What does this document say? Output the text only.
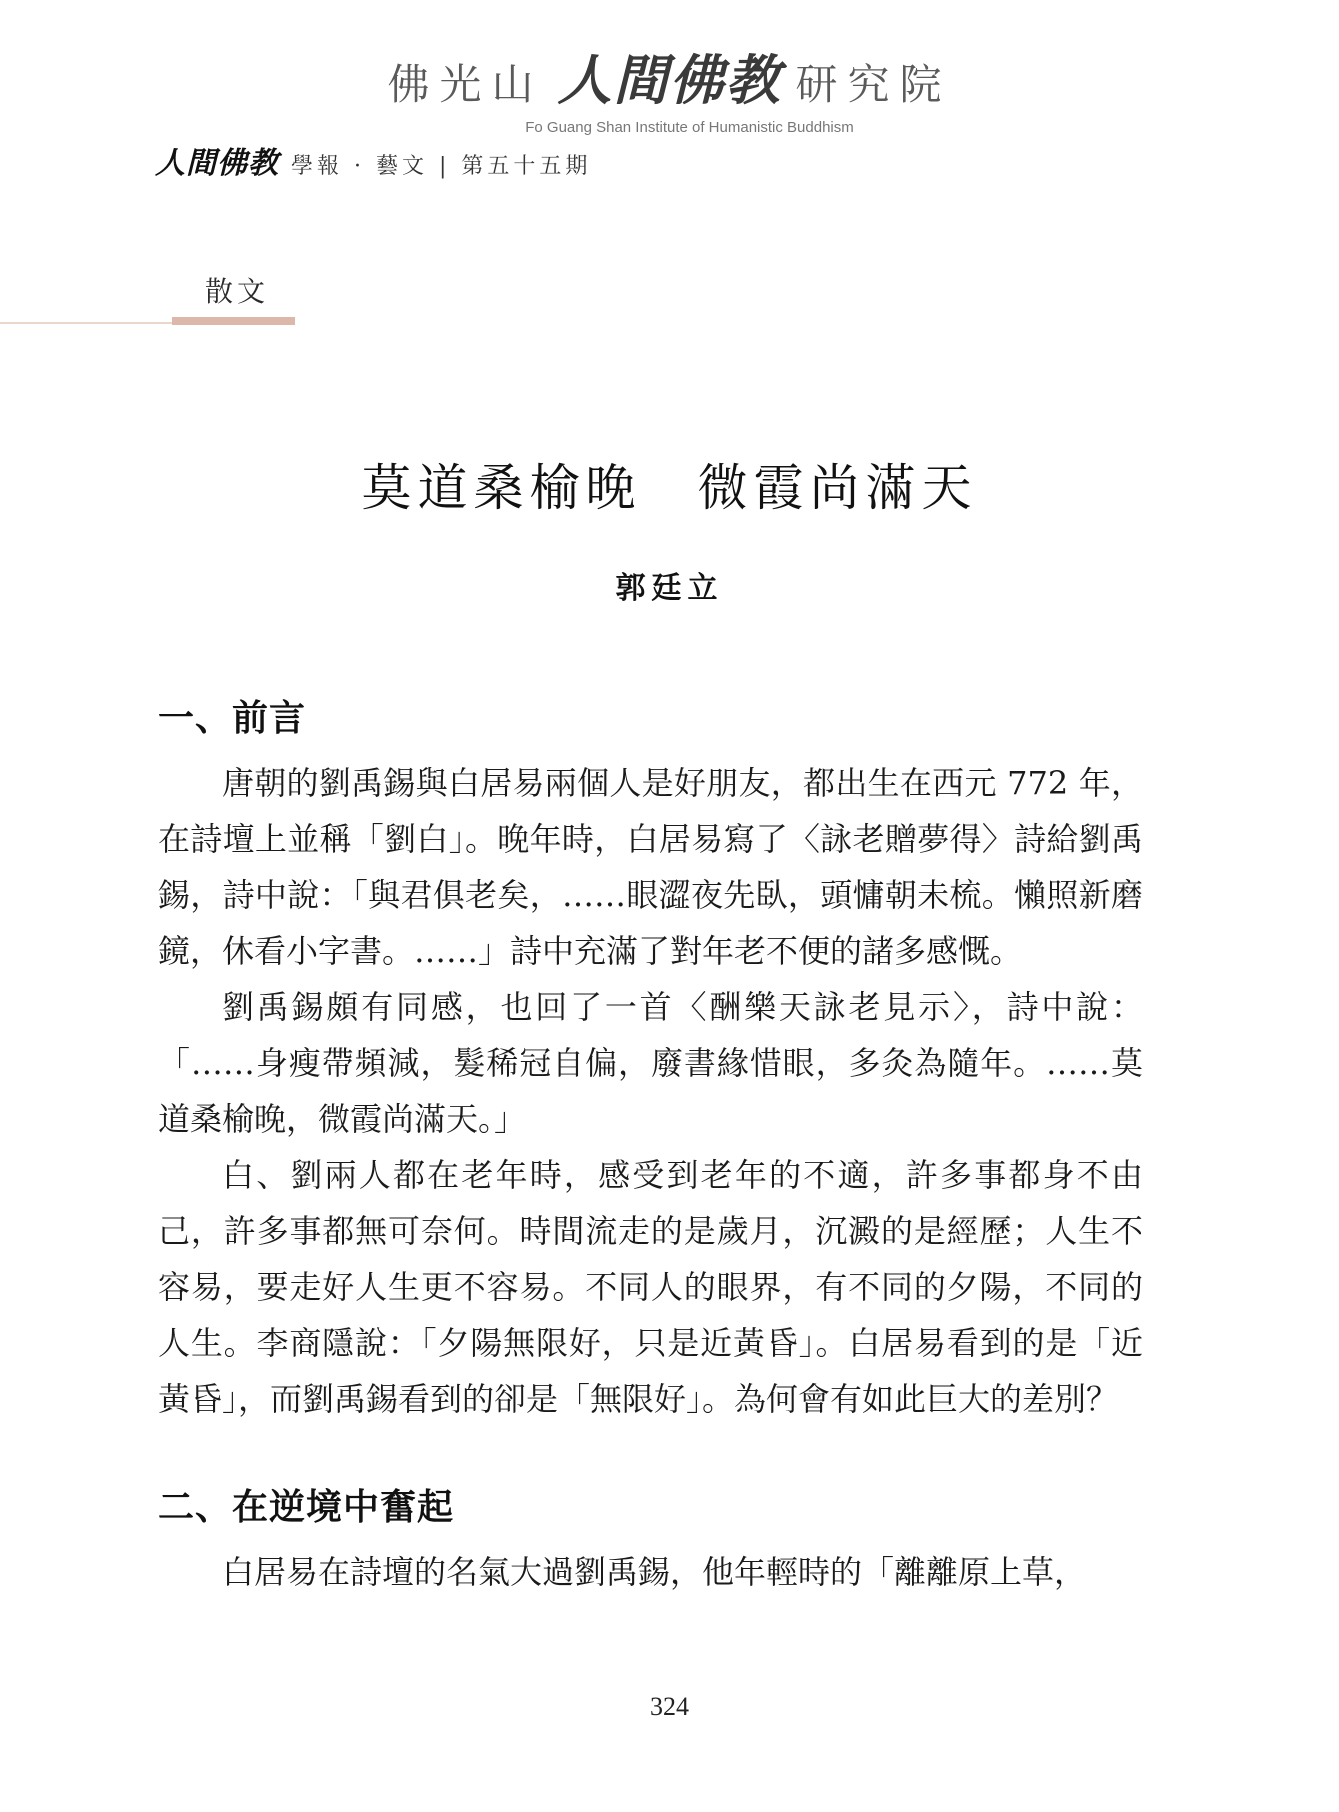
佛光山 人間佛教 研究院
Fo Guang Shan Institute of Humanistic Buddhism
人間佛教 學報 · 藝文 | 第五十五期
散文
莫道桑榆晚　微霞尚滿天
郭廷立
一、前言

唐朝的劉禹錫與白居易兩個人是好朋友，都出生在西元 772 年，在詩壇上並稱「劉白」。晚年時，白居易寫了〈詠老贈夢得〉詩給劉禹錫，詩中說：「與君俱老矣，……眼澀夜先臥，頭慵朝未梳。懶照新磨鏡，休看小字書。……」詩中充滿了對年老不便的諸多感慨。

劉禹錫頗有同感，也回了一首〈酬樂天詠老見示〉，詩中說：「……身瘦帶頻減，髮稀冠自偏，廢書緣惜眼，多灸為隨年。……莫道桑榆晚，微霞尚滿天。」

白、劉兩人都在老年時，感受到老年的不適，許多事都身不由己，許多事都無可奈何。時間流走的是歲月，沉澱的是經歷；人生不容易，要走好人生更不容易。不同人的眼界，有不同的夕陽，不同的人生。李商隱說：「夕陽無限好，只是近黃昏」。白居易看到的是「近黃昏」，而劉禹錫看到的卻是「無限好」。為何會有如此巨大的差別？

二、在逆境中奮起

白居易在詩壇的名氣大過劉禹錫，他年輕時的「離離原上草，

324
